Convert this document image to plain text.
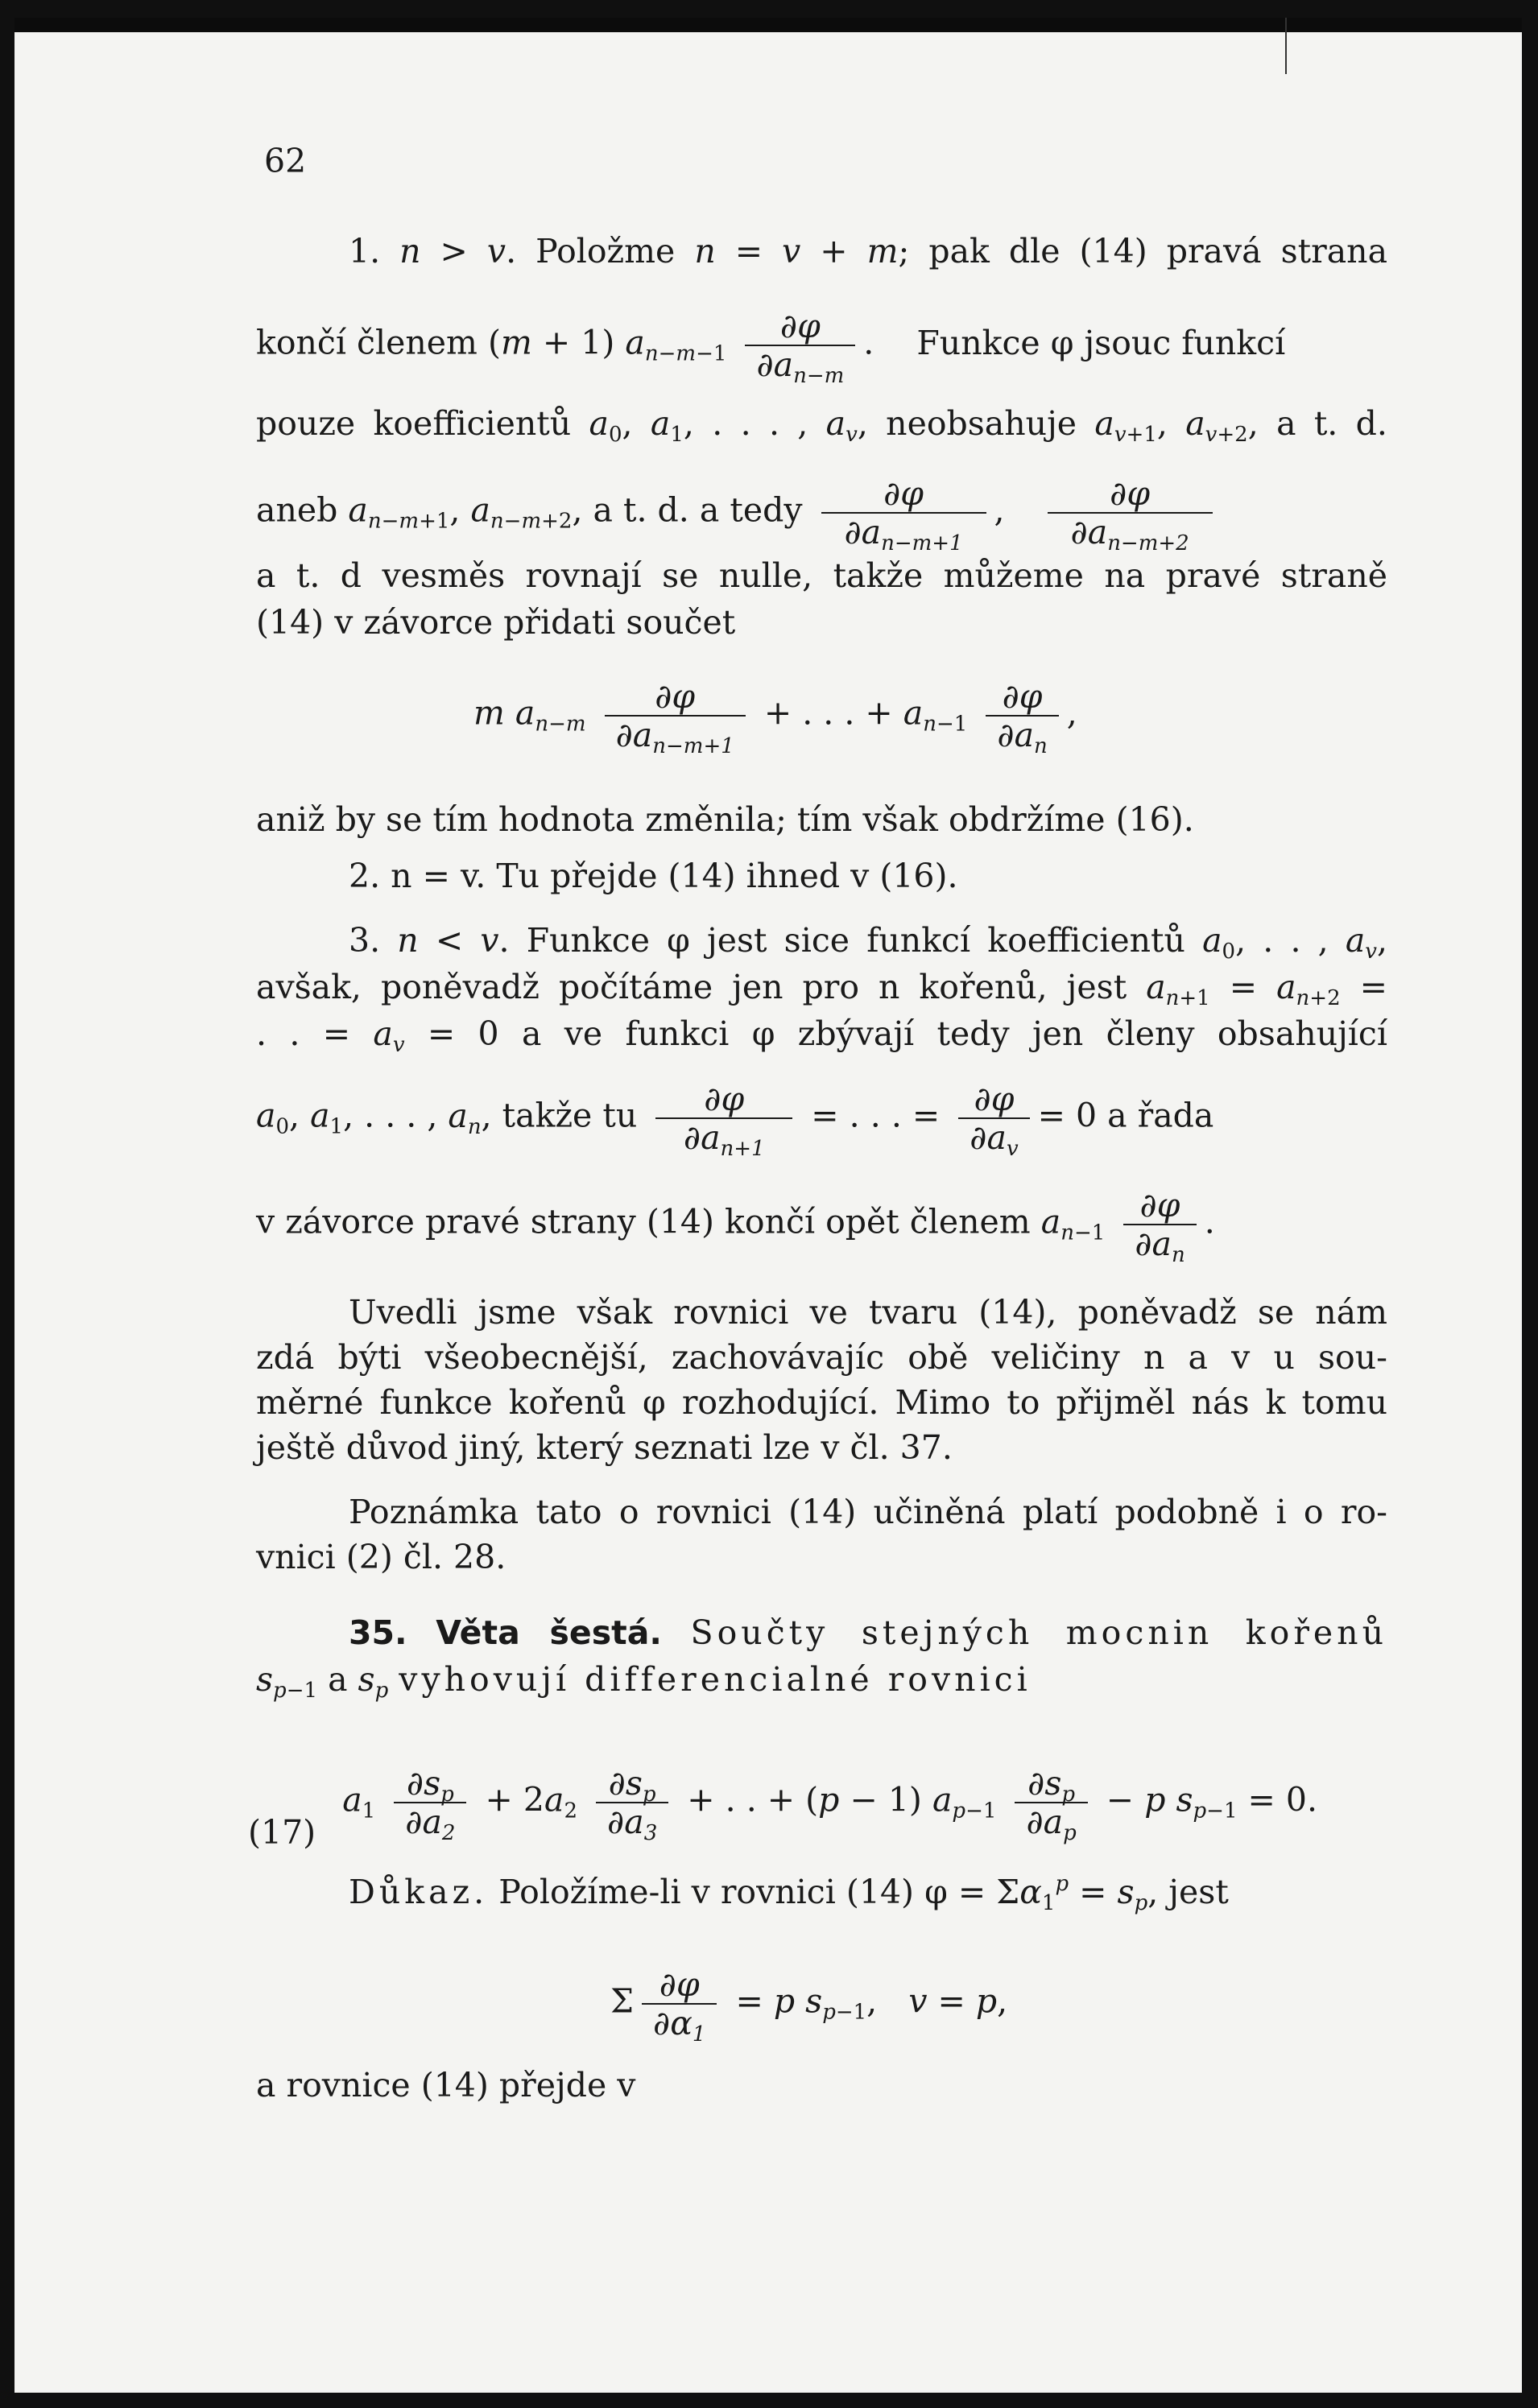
62
1. n > v. Položme n = v + m; pak dle (14) pravá strana
končí členem (m + 1) $a_{n-m-1} \frac{\partial\varphi}{\partial a_{n-m}}$ . Funkce φ jsouc funkcí
pouze koefficientů $a_0$, $a_1$, . . . , $a_v$, neobsahuje $a_{v+1}$, $a_{v+2}$, a t. d.
aneb $a_{n-m+1}$, $a_{n-m+2}$, a t. d. a tedy $\frac{\partial\varphi}{\partial a_{n-m+1}}$ , $\frac{\partial\varphi}{\partial a_{n-m+2}}$
a t. d vesměs rovnají se nulle, takže můžeme na pravé straně
(14) v závorce přidati součet
m $a_{n-m} \frac{\partial\varphi}{\partial a_{n-m+1}}$ + . . . + $a_{n-1} \frac{\partial\varphi}{\partial a_n}$ ,
aniž by se tím hodnota změnila; tím však obdržíme (16).
2. n = v. Tu přejde (14) ihned v (16).
3. n < v. Funkce φ jest sice funkcí koefficientů $a_0$, . . , $a_v$,
avšak, poněvadž počítáme jen pro n kořenů, jest $a_{n+1} = a_{n+2}$ =
. . = $a_v = 0$ a ve funkci φ zbývají tedy jen členy obsahující
$a_0$, $a_1$, . . . , $a_n$, takže tu $\frac{\partial\varphi}{\partial a_{n+1}}$ = . . . = $\frac{\partial\varphi}{\partial a_v} = 0$ a řada
v závorce pravé strany (14) končí opět členem $a_{n-1} \frac{\partial\varphi}{\partial a_n}$ .
Uvedli jsme však rovnici ve tvaru (14), poněvadž se nám
zdá býti všeobecnější, zachovávajíc obě veličiny n a v u sou-
měrné funkce kořenů φ rozhodující. Mimo to přijměl nás k tomu
ještě důvod jiný, který seznati lze v čl. 37.
Poznámka tato o rovnici (14) učiněná platí podobně i o ro-
vnici (2) čl. 28.
35. Věta šestá. Součty stejných mocnin kořenů
$s_{p-1}$ a $s_p$ vyhovují differencialné rovnici
(17) $a_1 \frac{\partial s_p}{\partial a_2} + 2a_2 \frac{\partial s_p}{\partial a_3}$ + . . + (p − 1) $a_{p-1} \frac{\partial s_p}{\partial a_p} - p$ $s_{p-1} = 0$.
Důkaz. Položíme-li v rovnici (14) $\varphi = \Sigma\alpha_1^p = s_p$, jest
Σ $\frac{\partial\varphi}{\partial\alpha_1} = p$ $s_{p-1}$,   v = p,
a rovnice (14) přejde v
